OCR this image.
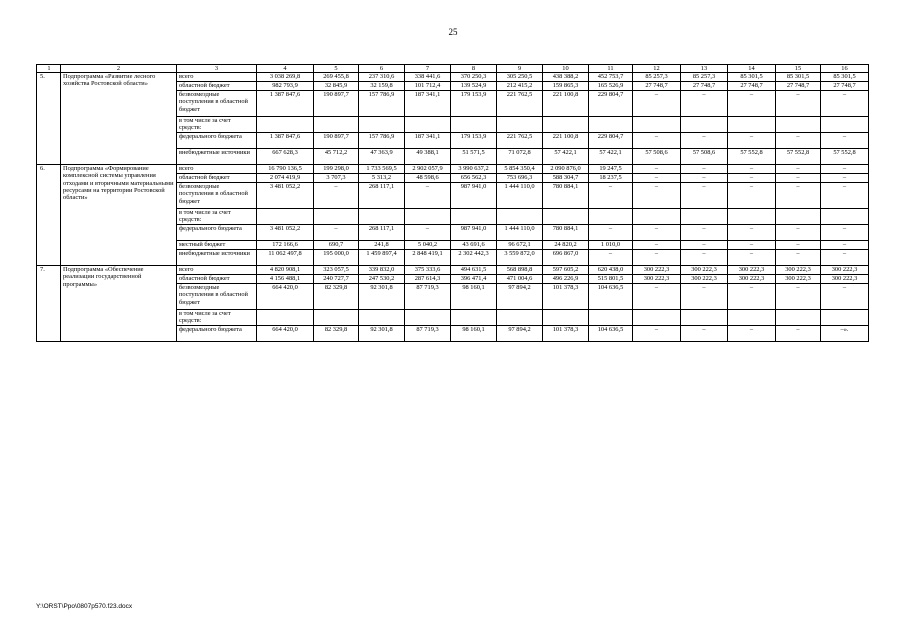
25
1	2	3	4	5	6	7	8	9	10	11	12	13	14	15	16
5.	Подпрограмма «Развитие лесного хозяйства Ростовской области»	всего	3 038 269,8	269 455,8	237 310,6	338 441,6	370 250,3	305 250,5	438 388,2	452 753,7	85 257,3	85 257,3	85 301,5	85 301,5	85 301,5
		областной бюджет	982 793,9	32 845,9	32 159,8	101 712,4	139 524,9	212 415,2	159 865,3	165 526,9	27 748,7	27 748,7	27 748,7	27 748,7	27 748,7
		безвозмездные поступления в областной бюджет	1 387 847,6	190 897,7	157 786,9	187 341,1	179 153,9	221 762,5	221 100,8	229 804,7	–	–	–	–	–
		в том числе за счет средств:													
		федерального бюджета	1 387 847,6	190 897,7	157 786,9	187 341,1	179 153,9	221 762,5	221 100,8	229 804,7	–	–	–	–	–
		внебюджетные источники	667 628,3	45 712,2	47 363,9	49 388,1	51 571,5	71 072,8	57 422,1	57 422,1	57 508,6	57 508,6	57 552,8	57 552,8	57 552,8
6.	Подпрограмма «Формирование комплексной системы управления отходами и вторичными материальными ресурсами на территории Ростовской области»	всего	16 790 136,5	199 298,0	1 733 569,5	2 902 057,9	3 990 637,2	5 854 350,4	2 090 876,0	19 247,5	–	–	–	–	–
		областной бюджет	2 074 419,9	3 707,3	5 313,2	48 598,6	656 562,3	753 696,3	588 304,7	18 237,5	–	–	–	–	–
		безвозмездные поступления в областной бюджет	3 481 052,2	–	268 117,1	–	987 941,0	1 444 110,0	780 884,1	–	–	–	–	–	–
		в том числе за счет средств:													
		федерального бюджета	3 481 052,2	–	268 117,1	–	987 941,0	1 444 110,0	780 884,1	–	–	–	–	–	–
		местный бюджет	172 166,6	690,7	241,8	5 040,2	43 691,6	96 672,1	24 820,2	1 010,0	–	–	–	–	–
		внебюджетные источники	11 062 497,8	195 000,0	1 459 897,4	2 848 419,1	2 302 442,3	3 559 872,0	696 867,0	–	–	–	–	–	–
7.	Подпрограмма «Обеспечение реализации государственной программы»	всего	4 820 908,1	323 057,5	339 832,0	375 333,6	494 631,5	568 898,8	597 605,2	620 438,0	300 222,3	300 222,3	300 222,3	300 222,3	300 222,3
		областной бюджет	4 156 488,1	240 727,7	247 530,2	287 614,3	396 471,4	471 004,6	496 226,9	515 801,5	300 222,3	300 222,3	300 222,3	300 222,3	300 222,3
		безвозмездные поступления в областной бюджет	664 420,0	82 329,8	92 301,8	87 719,3	98 160,1	97 894,2	101 378,3	104 636,5	–	–	–	–	–
		в том числе за счет средств:													
		федерального бюджета	664 420,0	82 329,8	92 301,8	87 719,3	98 160,1	97 894,2	101 378,3	104 636,5	–	–	–	–	–».
Y:\ORST\Ppo\0807p570.f23.docx
